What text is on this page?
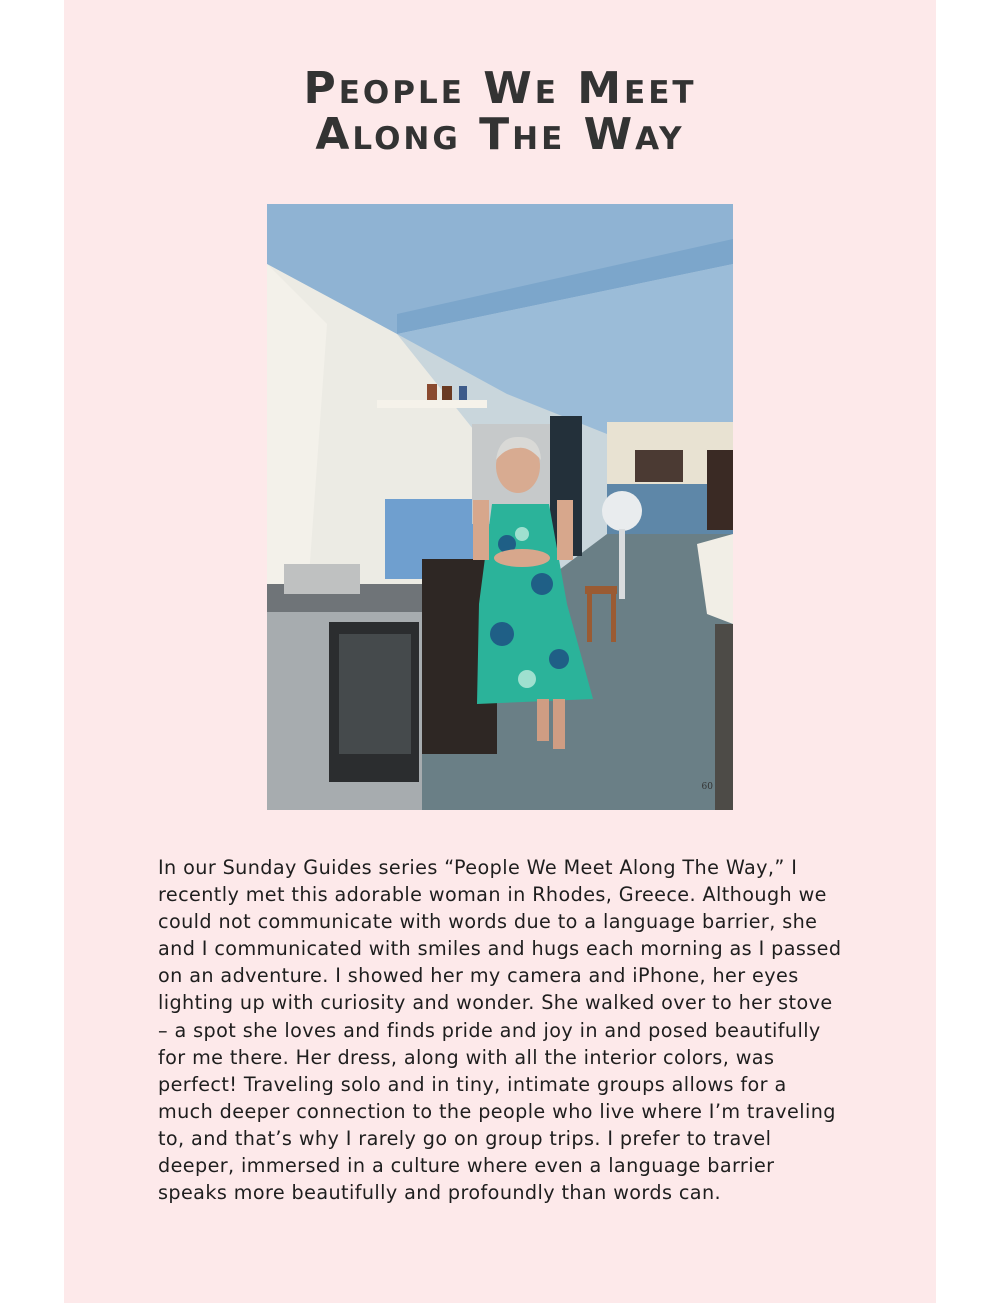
People We Meet
Along The Way
60

In our Sunday Guides series “People We Meet Along The Way,” I recently met this adorable woman in Rhodes, Greece. Although we could not communicate with words due to a language barrier, she and I communicated with smiles and hugs each morning as I passed on an adventure. I showed her my camera and iPhone, her eyes lighting up with curiosity and wonder. She walked over to her stove – a spot she loves and finds pride and joy in and posed beautifully for me there. Her dress, along with all the interior colors, was perfect! Traveling solo and in tiny, intimate groups allows for a much deeper connection to the people who live where I’m traveling to, and that’s why I rarely go on group trips. I prefer to travel deeper, immersed in a culture where even a language barrier speaks more beautifully and profoundly than words can.
